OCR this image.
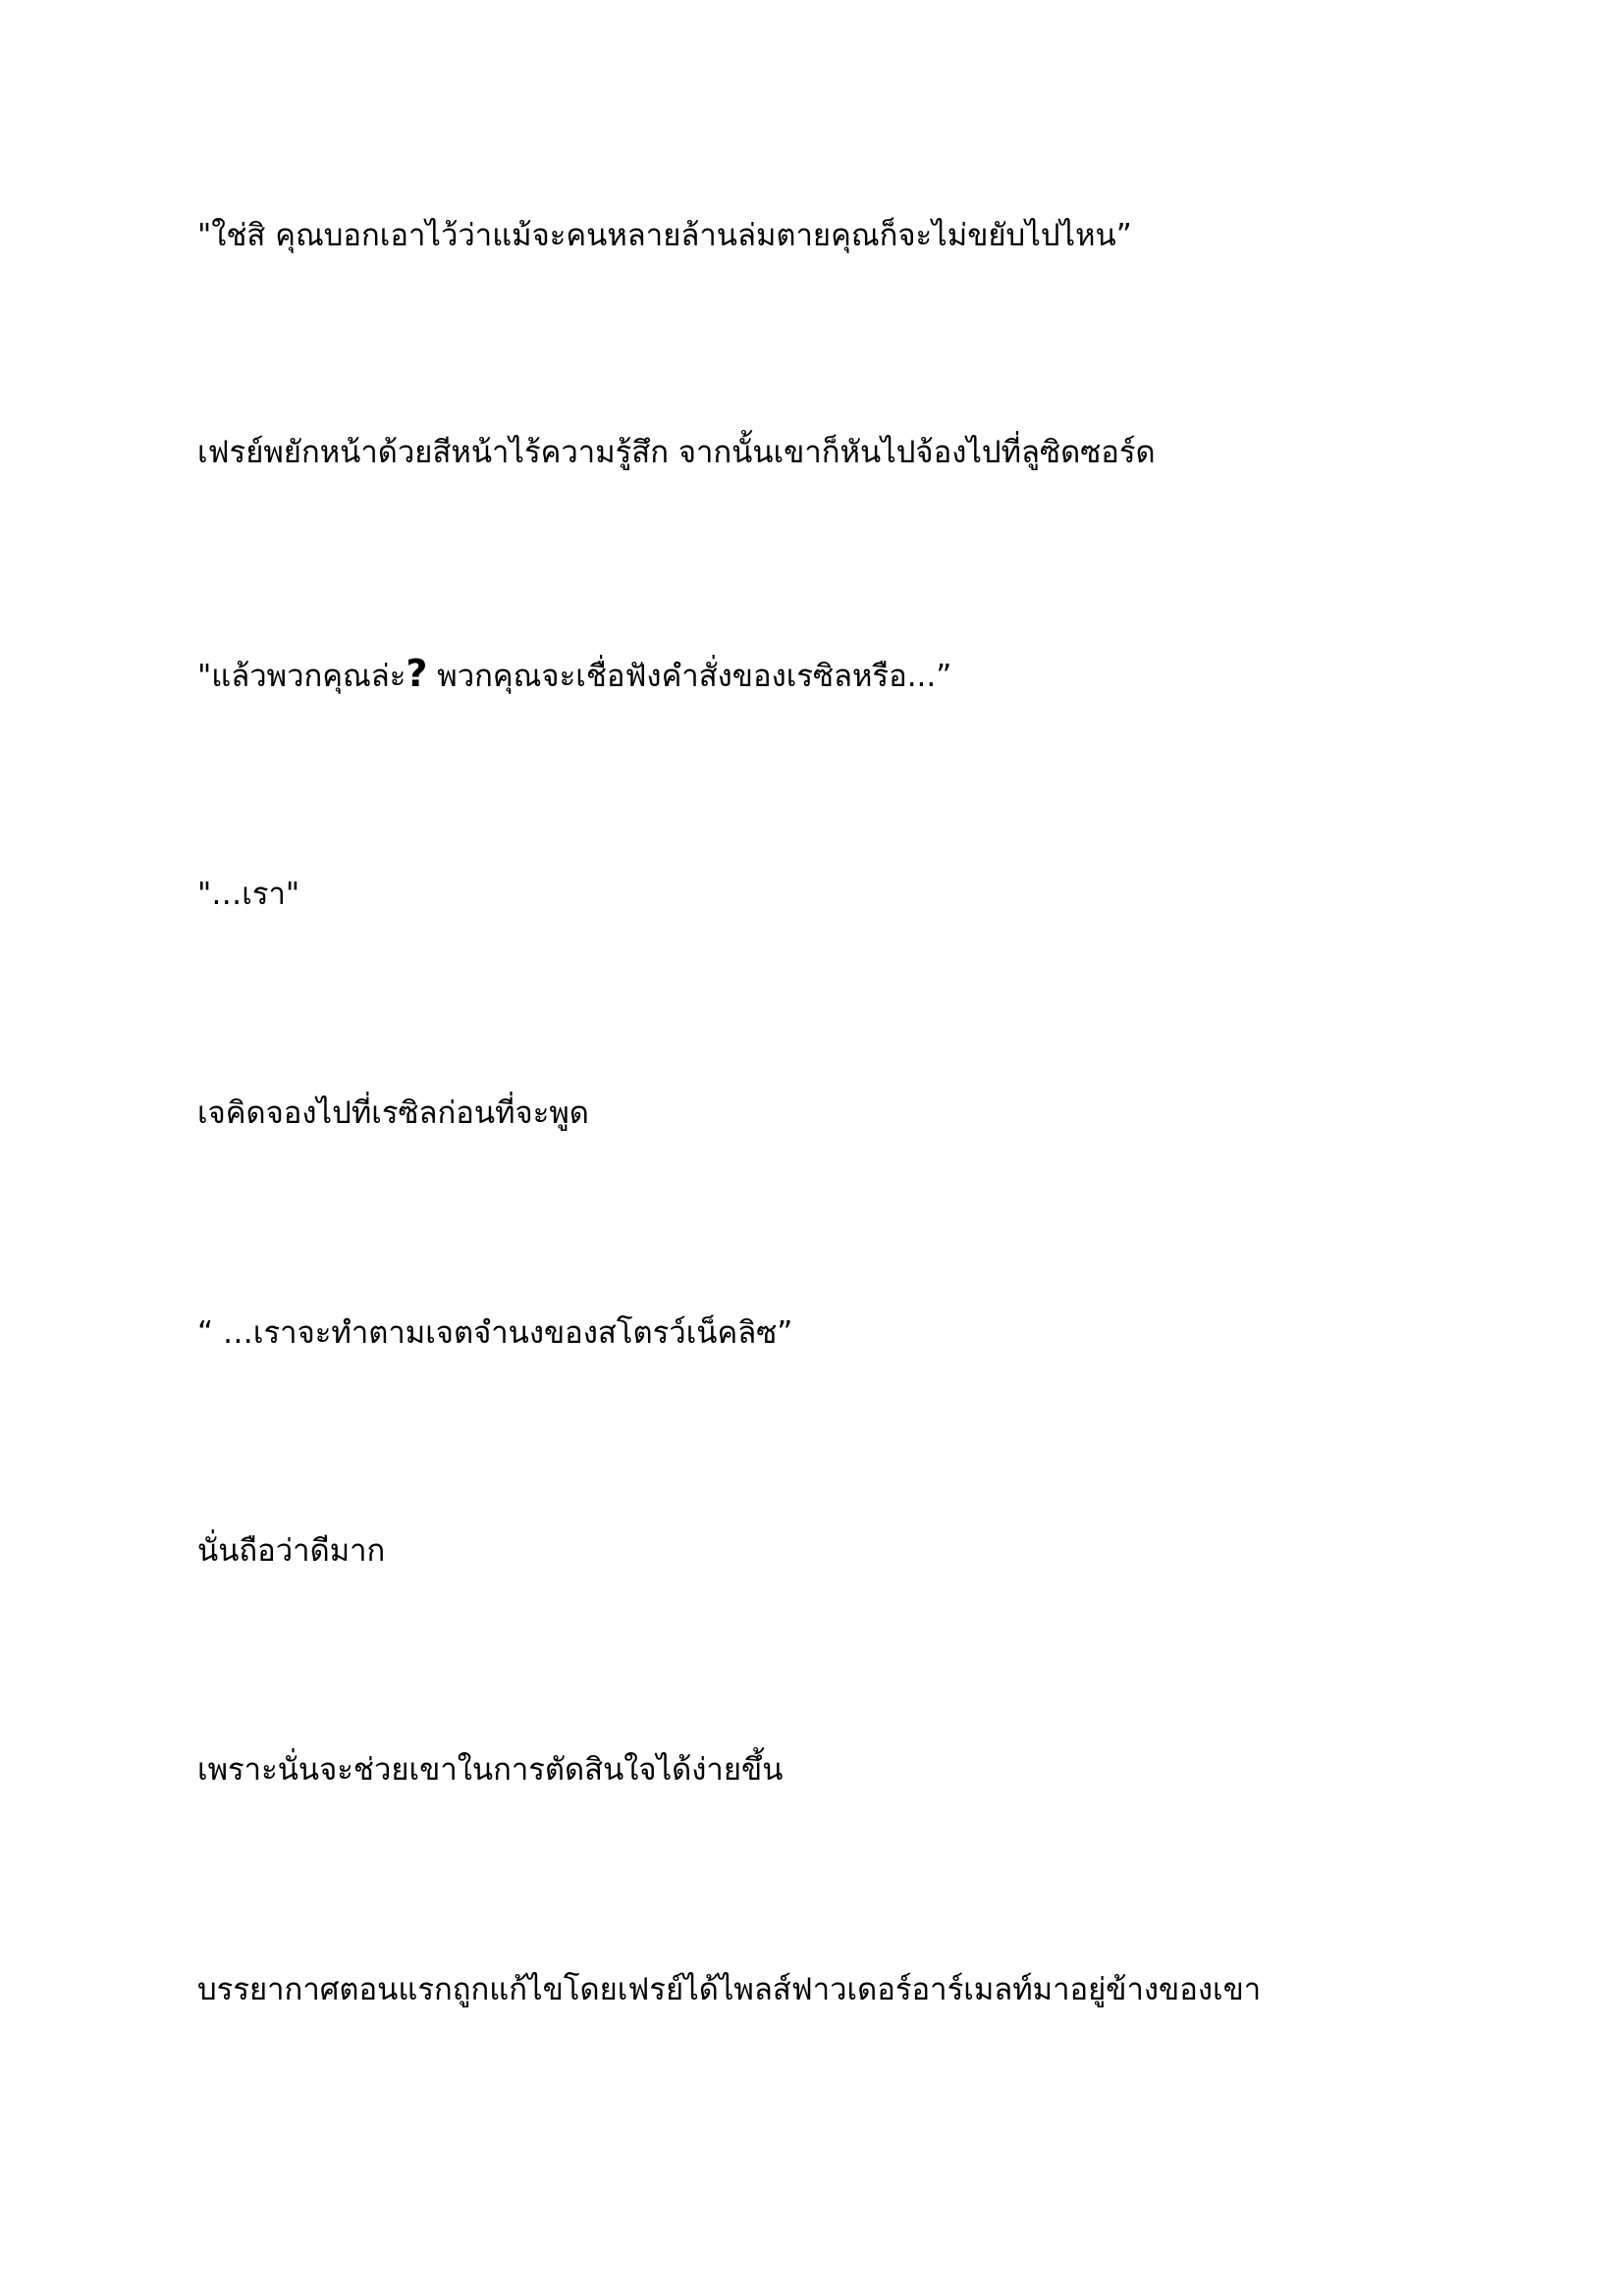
"ใช่สิ คุณบอกเอาไว้ว่าแม้จะคนหลายล้านล่มตายคุณก็จะไม่ขยับไปไหน”

เฟรย์พยักหน้าด้วยสีหน้าไร้ความรู้สึก จากนั้นเขาก็หันไปจ้องไปที่ลูซิดซอร์ด

"แล้วพวกคุณล่ะ? พวกคุณจะเชื่อฟังคำสั่งของเรซิลหรือ...”

"…เรา"

เจคิดจองไปที่เรซิลก่อนที่จะพูด

“ …เราจะทำตามเจตจำนงของสโตรว์เน็คลิซ”

นั่นถือว่าดีมาก

เพราะนั่นจะช่วยเขาในการตัดสินใจได้ง่ายขึ้น

บรรยากาศตอนแรกถูกแก้ไขโดยเฟรย์ได้ไพลส์ฟาวเดอร์อาร์เมลท์มาอยู่ข้างของเขา
